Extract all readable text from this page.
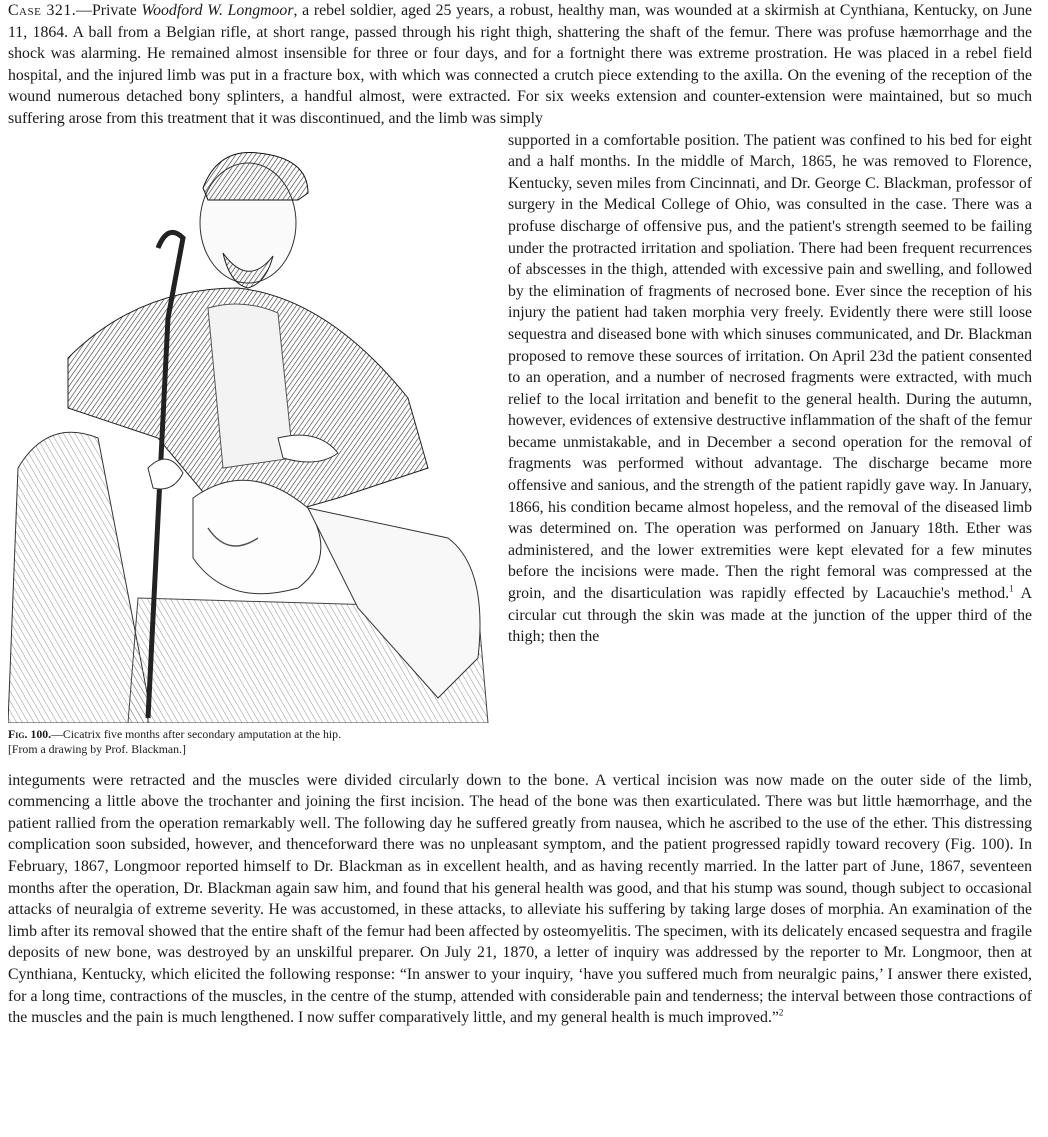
Case 321.—Private Woodford W. Longmoor, a rebel soldier, aged 25 years, a robust, healthy man, was wounded at a skirmish at Cynthiana, Kentucky, on June 11, 1864. A ball from a Belgian rifle, at short range, passed through his right thigh, shattering the shaft of the femur. There was profuse hæmorrhage and the shock was alarming. He remained almost insensible for three or four days, and for a fortnight there was extreme prostration. He was placed in a rebel field hospital, and the injured limb was put in a fracture box, with which was connected a crutch piece extending to the axilla. On the evening of the reception of the wound numerous detached bony splinters, a handful almost, were extracted. For six weeks extension and counter-extension were maintained, but so much suffering arose from this treatment that it was discontinued, and the limb was simply

Fig. 100.—Cicatrix five months after secondary amputation at the hip.
[From a drawing by Prof. Blackman.]

supported in a comfortable position. The patient was confined to his bed for eight and a half months. In the middle of March, 1865, he was removed to Florence, Kentucky, seven miles from Cincinnati, and Dr. George C. Blackman, professor of surgery in the Medical College of Ohio, was consulted in the case. There was a profuse discharge of offensive pus, and the patient's strength seemed to be failing under the protracted irritation and spoliation. There had been frequent recurrences of abscesses in the thigh, attended with excessive pain and swelling, and followed by the elimination of fragments of necrosed bone. Ever since the reception of his injury the patient had taken morphia very freely. Evidently there were still loose sequestra and diseased bone with which sinuses communicated, and Dr. Blackman proposed to remove these sources of irritation. On April 23d the patient consented to an operation, and a number of necrosed fragments were extracted, with much relief to the local irritation and benefit to the general health. During the autumn, however, evidences of extensive destructive inflammation of the shaft of the femur became unmistakable, and in December a second operation for the removal of fragments was performed without advantage. The discharge became more offensive and sanious, and the strength of the patient rapidly gave way. In January, 1866, his condition became almost hopeless, and the removal of the diseased limb was determined on. The operation was performed on January 18th. Ether was administered, and the lower extremities were kept elevated for a few minutes before the incisions were made. Then the right femoral was compressed at the groin, and the disarticulation was rapidly effected by Lacauchie's method.$^1$ A circular cut through the skin was made at the junction of the upper third of the thigh; then the

integuments were retracted and the muscles were divided circularly down to the bone. A vertical incision was now made on the outer side of the limb, commencing a little above the trochanter and joining the first incision. The head of the bone was then exarticulated. There was but little hæmorrhage, and the patient rallied from the operation remarkably well. The following day he suffered greatly from nausea, which he ascribed to the use of the ether. This distressing complication soon subsided, however, and thenceforward there was no unpleasant symptom, and the patient progressed rapidly toward recovery (Fig. 100). In February, 1867, Longmoor reported himself to Dr. Blackman as in excellent health, and as having recently married. In the latter part of June, 1867, seventeen months after the operation, Dr. Blackman again saw him, and found that his general health was good, and that his stump was sound, though subject to occasional attacks of neuralgia of extreme severity. He was accustomed, in these attacks, to alleviate his suffering by taking large doses of morphia. An examination of the limb after its removal showed that the entire shaft of the femur had been affected by osteomyelitis. The specimen, with its delicately encased sequestra and fragile deposits of new bone, was destroyed by an unskilful preparer. On July 21, 1870, a letter of inquiry was addressed by the reporter to Mr. Longmoor, then at Cynthiana, Kentucky, which elicited the following response: “In answer to your inquiry, ‘have you suffered much from neuralgic pains,’ I answer there existed, for a long time, contractions of the muscles, in the centre of the stump, attended with considerable pain and tenderness; the interval between those contractions of the muscles and the pain is much lengthened. I now suffer comparatively little, and my general health is much improved.”$^2$
